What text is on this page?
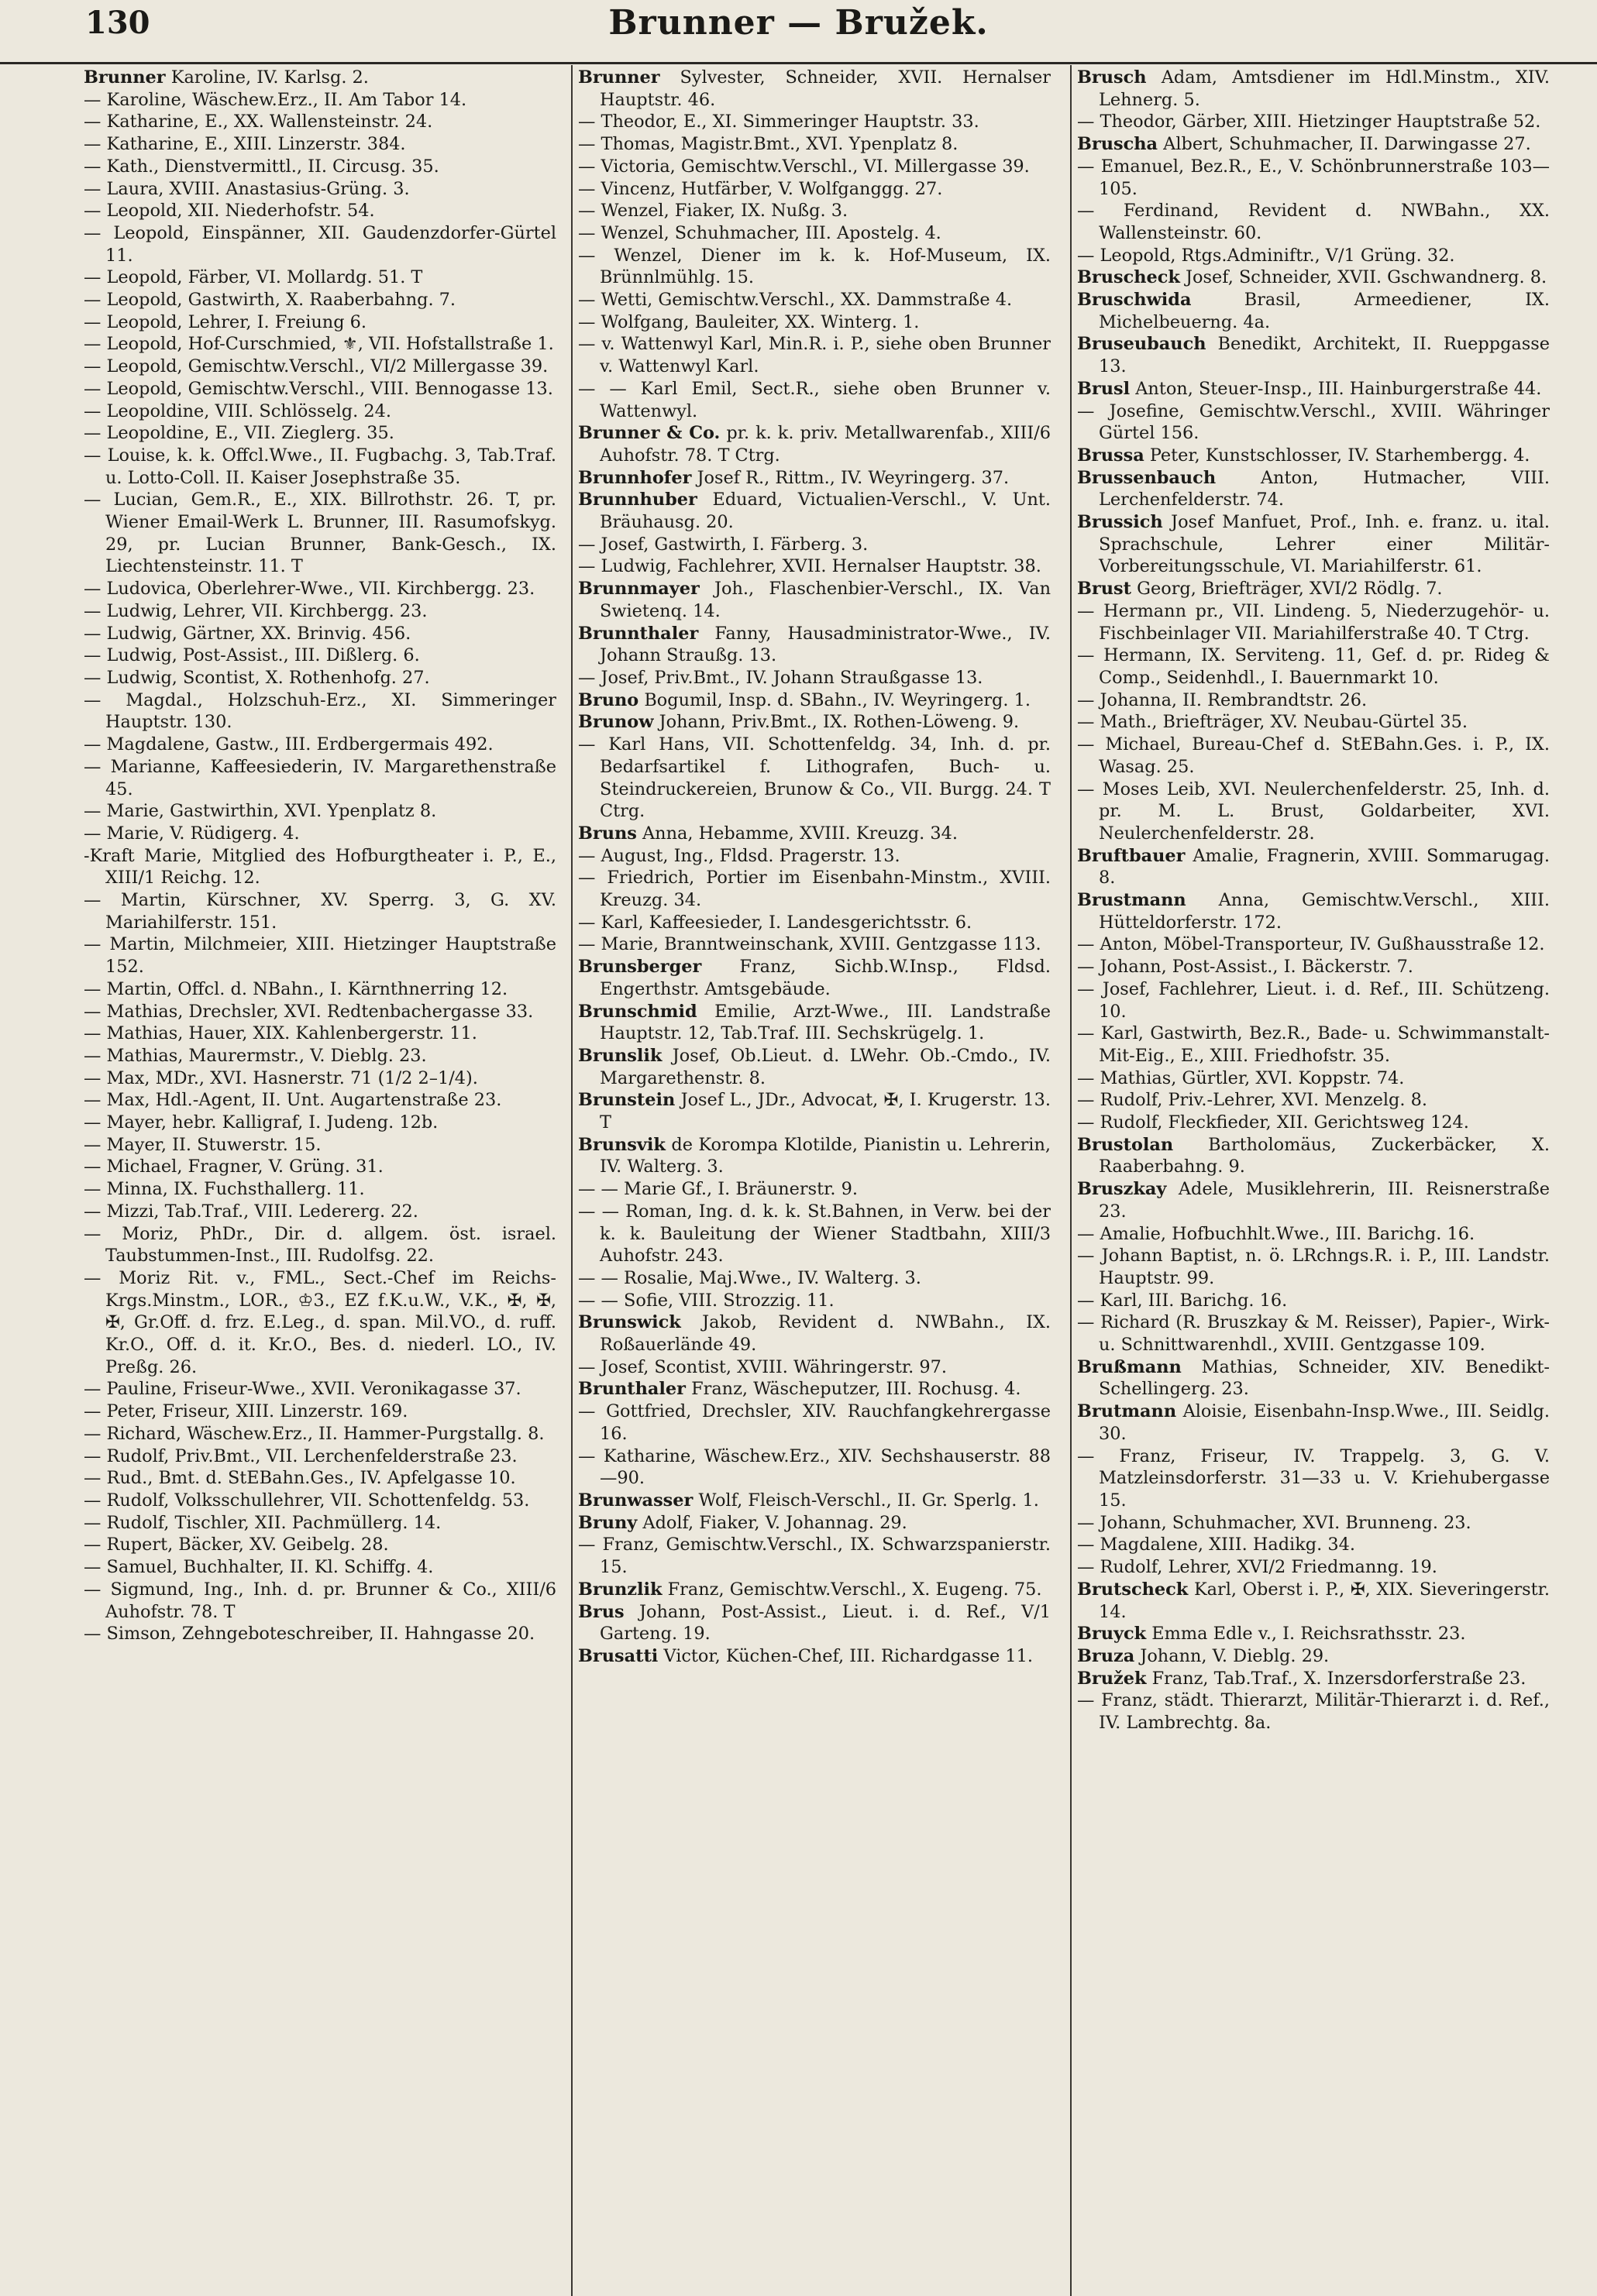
130	Brunner — Bružek.

Brunner Karoline, IV. Karlsg. 2.

— Karoline, Wäschew.Erz., II. Am Tabor 14.

— Katharine, E., XX. Wallensteinstr. 24.

— Katharine, E., XIII. Linzerstr. 384.

— Kath., Dienstvermittl., II. Circusg. 35.

— Laura, XVIII. Anastasius-Grüng. 3.

— Leopold, XII. Niederhofstr. 54.

— Leopold, Einspänner, XII. Gaudenzdorfer-Gürtel 11.

— Leopold, Färber, VI. Mollardg. 51. T

— Leopold, Gastwirth, X. Raaberbahng. 7.

— Leopold, Lehrer, I. Freiung 6.

— Leopold, Hof-Curschmied, ⚜, VII. Hofstallstraße 1.

— Leopold, Gemischtw.Verschl., VI/2 Millergasse 39.

— Leopold, Gemischtw.Verschl., VIII. Bennogasse 13.

— Leopoldine, VIII. Schlösselg. 24.

— Leopoldine, E., VII. Zieglerg. 35.

— Louise, k. k. Offcl.Wwe., II. Fugbachg. 3, Tab.Traf. u. Lotto-Coll. II. Kaiser Josephstraße 35.

— Lucian, Gem.R., E., XIX. Billrothstr. 26. T, pr. Wiener Email-Werk L. Brunner, III. Rasumofskyg. 29, pr. Lucian Brunner, Bank-Gesch., IX. Liechtensteinstr. 11. T

— Ludovica, Oberlehrer-Wwe., VII. Kirchbergg. 23.

— Ludwig, Lehrer, VII. Kirchbergg. 23.

— Ludwig, Gärtner, XX. Brinvig. 456.

— Ludwig, Post-Assist., III. Dißlerg. 6.

— Ludwig, Scontist, X. Rothenhofg. 27.

— Magdal., Holzschuh-Erz., XI. Simmeringer Hauptstr. 130.

— Magdalene, Gastw., III. Erdbergermais 492.

— Marianne, Kaffeesiederin, IV. Margarethenstraße 45.

— Marie, Gastwirthin, XVI. Ypenplatz 8.

— Marie, V. Rüdigerg. 4.

-Kraft Marie, Mitglied des Hofburgtheater i. P., E., XIII/1 Reichg. 12.

— Martin, Kürschner, XV. Sperrg. 3, G. XV. Mariahilferstr. 151.

— Martin, Milchmeier, XIII. Hietzinger Hauptstraße 152.

— Martin, Offcl. d. NBahn., I. Kärnthnerring 12.

— Mathias, Drechsler, XVI. Redtenbachergasse 33.

— Mathias, Hauer, XIX. Kahlenbergerstr. 11.

— Mathias, Maurermstr., V. Dieblg. 23.

— Max, MDr., XVI. Hasnerstr. 71 (1/2 2–1/4).

— Max, Hdl.-Agent, II. Unt. Augartenstraße 23.

— Mayer, hebr. Kalligraf, I. Judeng. 12b.

— Mayer, II. Stuwerstr. 15.

— Michael, Fragner, V. Grüng. 31.

— Minna, IX. Fuchsthallerg. 11.

— Mizzi, Tab.Traf., VIII. Ledererg. 22.

— Moriz, PhDr., Dir. d. allgem. öst. israel. Taubstummen-Inst., III. Rudolfsg. 22.

— Moriz Rit. v., FML., Sect.-Chef im Reichs-Krgs.Minstm., LOR., ♔3., EZ f.K.u.W., V.K., ✠, ✠, ✠, Gr.Off. d. frz. E.Leg., d. span. Mil.VO., d. ruff. Kr.O., Off. d. it. Kr.O., Bes. d. niederl. LO., IV. Preßg. 26.

— Pauline, Friseur-Wwe., XVII. Veronikagasse 37.

— Peter, Friseur, XIII. Linzerstr. 169.

— Richard, Wäschew.Erz., II. Hammer-Purgstallg. 8.

— Rudolf, Priv.Bmt., VII. Lerchenfelderstraße 23.

— Rud., Bmt. d. StEBahn.Ges., IV. Apfelgasse 10.

— Rudolf, Volksschullehrer, VII. Schottenfeldg. 53.

— Rudolf, Tischler, XII. Pachmüllerg. 14.

— Rupert, Bäcker, XV. Geibelg. 28.

— Samuel, Buchhalter, II. Kl. Schiffg. 4.

— Sigmund, Ing., Inh. d. pr. Brunner & Co., XIII/6 Auhofstr. 78. T

— Simson, Zehngeboteschreiber, II. Hahngasse 20.

Brunner Sylvester, Schneider, XVII. Hernalser Hauptstr. 46.

— Theodor, E., XI. Simmeringer Hauptstr. 33.

— Thomas, Magistr.Bmt., XVI. Ypenplatz 8.

— Victoria, Gemischtw.Verschl., VI. Millergasse 39.

— Vincenz, Hutfärber, V. Wolfganggg. 27.

— Wenzel, Fiaker, IX. Nußg. 3.

— Wenzel, Schuhmacher, III. Apostelg. 4.

— Wenzel, Diener im k. k. Hof-Museum, IX. Brünnlmühlg. 15.

— Wetti, Gemischtw.Verschl., XX. Dammstraße 4.

— Wolfgang, Bauleiter, XX. Winterg. 1.

— v. Wattenwyl Karl, Min.R. i. P., siehe oben Brunner v. Wattenwyl Karl.

— — Karl Emil, Sect.R., siehe oben Brunner v. Wattenwyl.

Brunner & Co. pr. k. k. priv. Metallwarenfab., XIII/6 Auhofstr. 78. T Ctrg.

Brunnhofer Josef R., Rittm., IV. Weyringerg. 37.

Brunnhuber Eduard, Victualien-Verschl., V. Unt. Bräuhausg. 20.

— Josef, Gastwirth, I. Färberg. 3.

— Ludwig, Fachlehrer, XVII. Hernalser Hauptstr. 38.

Brunnmayer Joh., Flaschenbier-Verschl., IX. Van Swietenq. 14.

Brunnthaler Fanny, Hausadministrator-Wwe., IV. Johann Straußg. 13.

— Josef, Priv.Bmt., IV. Johann Straußgasse 13.

Bruno Bogumil, Insp. d. SBahn., IV. Weyringerg. 1.

Brunow Johann, Priv.Bmt., IX. Rothen-Löweng. 9.

— Karl Hans, VII. Schottenfeldg. 34, Inh. d. pr. Bedarfsartikel f. Lithografen, Buch- u. Steindruckereien, Brunow & Co., VII. Burgg. 24. T Ctrg.

Bruns Anna, Hebamme, XVIII. Kreuzg. 34.

— August, Ing., Fldsd. Pragerstr. 13.

— Friedrich, Portier im Eisenbahn-Minstm., XVIII. Kreuzg. 34.

— Karl, Kaffeesieder, I. Landesgerichtsstr. 6.

— Marie, Branntweinschank, XVIII. Gentzgasse 113.

Brunsberger Franz, Sichb.W.Insp., Fldsd. Engerthstr. Amtsgebäude.

Brunschmid Emilie, Arzt-Wwe., III. Landstraße Hauptstr. 12, Tab.Traf. III. Sechskrügelg. 1.

Brunslik Josef, Ob.Lieut. d. LWehr. Ob.-Cmdo., IV. Margarethenstr. 8.

Brunstein Josef L., JDr., Advocat, ✠, I. Krugerstr. 13. T

Brunsvik de Korompa Klotilde, Pianistin u. Lehrerin, IV. Walterg. 3.

— — Marie Gf., I. Bräunerstr. 9.

— — Roman, Ing. d. k. k. St.Bahnen, in Verw. bei der k. k. Bauleitung der Wiener Stadtbahn, XIII/3 Auhofstr. 243.

— — Rosalie, Maj.Wwe., IV. Walterg. 3.

— — Sofie, VIII. Strozzig. 11.

Brunswick Jakob, Revident d. NWBahn., IX. Roßauerlände 49.

— Josef, Scontist, XVIII. Währingerstr. 97.

Brunthaler Franz, Wäscheputzer, III. Rochusg. 4.

— Gottfried, Drechsler, XIV. Rauchfangkehrergasse 16.

— Katharine, Wäschew.Erz., XIV. Sechshauserstr. 88—90.

Brunwasser Wolf, Fleisch-Verschl., II. Gr. Sperlg. 1.

Bruny Adolf, Fiaker, V. Johannag. 29.

— Franz, Gemischtw.Verschl., IX. Schwarzspanierstr. 15.

Brunzlik Franz, Gemischtw.Verschl., X. Eugeng. 75.

Brus Johann, Post-Assist., Lieut. i. d. Ref., V/1 Garteng. 19.

Brusatti Victor, Küchen-Chef, III. Richardgasse 11.

Brusch Adam, Amtsdiener im Hdl.Minstm., XIV. Lehnerg. 5.

— Theodor, Gärber, XIII. Hietzinger Hauptstraße 52.

Bruscha Albert, Schuhmacher, II. Darwingasse 27.

— Emanuel, Bez.R., E., V. Schönbrunnerstraße 103—105.

— Ferdinand, Revident d. NWBahn., XX. Wallensteinstr. 60.

— Leopold, Rtgs.Adminiftr., V/1 Grüng. 32.

Bruscheck Josef, Schneider, XVII. Gschwandnerg. 8.

Bruschwida Brasil, Armeediener, IX. Michelbeuerng. 4a.

Bruseubauch Benedikt, Architekt, II. Rueppgasse 13.

Brusl Anton, Steuer-Insp., III. Hainburgerstraße 44.

— Josefine, Gemischtw.Verschl., XVIII. Währinger Gürtel 156.

Brussa Peter, Kunstschlosser, IV. Starhembergg. 4.

Brussenbauch Anton, Hutmacher, VIII. Lerchenfelderstr. 74.

Brussich Josef Manfuet, Prof., Inh. e. franz. u. ital. Sprachschule, Lehrer einer Militär-Vorbereitungsschule, VI. Mariahilferstr. 61.

Brust Georg, Briefträger, XVI/2 Rödlg. 7.

— Hermann pr., VII. Lindeng. 5, Niederzugehör- u. Fischbeinlager VII. Mariahilferstraße 40. T Ctrg.

— Hermann, IX. Serviteng. 11, Gef. d. pr. Rideg & Comp., Seidenhdl., I. Bauernmarkt 10.

— Johanna, II. Rembrandtstr. 26.

— Math., Briefträger, XV. Neubau-Gürtel 35.

— Michael, Bureau-Chef d. StEBahn.Ges. i. P., IX. Wasag. 25.

— Moses Leib, XVI. Neulerchenfelderstr. 25, Inh. d. pr. M. L. Brust, Goldarbeiter, XVI. Neulerchenfelderstr. 28.

Bruftbauer Amalie, Fragnerin, XVIII. Sommarugag. 8.

Brustmann Anna, Gemischtw.Verschl., XIII. Hütteldorferstr. 172.

— Anton, Möbel-Transporteur, IV. Gußhausstraße 12.

— Johann, Post-Assist., I. Bäckerstr. 7.

— Josef, Fachlehrer, Lieut. i. d. Ref., III. Schützeng. 10.

— Karl, Gastwirth, Bez.R., Bade- u. Schwimmanstalt-Mit-Eig., E., XIII. Friedhofstr. 35.

— Mathias, Gürtler, XVI. Koppstr. 74.

— Rudolf, Priv.-Lehrer, XVI. Menzelg. 8.

— Rudolf, Fleckfieder, XII. Gerichtsweg 124.

Brustolan Bartholomäus, Zuckerbäcker, X. Raaberbahng. 9.

Bruszkay Adele, Musiklehrerin, III. Reisnerstraße 23.

— Amalie, Hofbuchhlt.Wwe., III. Barichg. 16.

— Johann Baptist, n. ö. LRchngs.R. i. P., III. Landstr. Hauptstr. 99.

— Karl, III. Barichg. 16.

— Richard (R. Bruszkay & M. Reisser), Papier-, Wirk- u. Schnittwarenhdl., XVIII. Gentzgasse 109.

Brußmann Mathias, Schneider, XIV. Benedikt-Schellingerg. 23.

Brutmann Aloisie, Eisenbahn-Insp.Wwe., III. Seidlg. 30.

— Franz, Friseur, IV. Trappelg. 3, G. V. Matzleinsdorferstr. 31—33 u. V. Kriehubergasse 15.

— Johann, Schuhmacher, XVI. Brunneng. 23.

— Magdalene, XIII. Hadikg. 34.

— Rudolf, Lehrer, XVI/2 Friedmanng. 19.

Brutscheck Karl, Oberst i. P., ✠, XIX. Sieveringerstr. 14.

Bruyck Emma Edle v., I. Reichsrathsstr. 23.

Bruza Johann, V. Dieblg. 29.

Bružek Franz, Tab.Traf., X. Inzersdorferstraße 23.

— Franz, städt. Thierarzt, Militär-Thierarzt i. d. Ref., IV. Lambrechtg. 8a.
